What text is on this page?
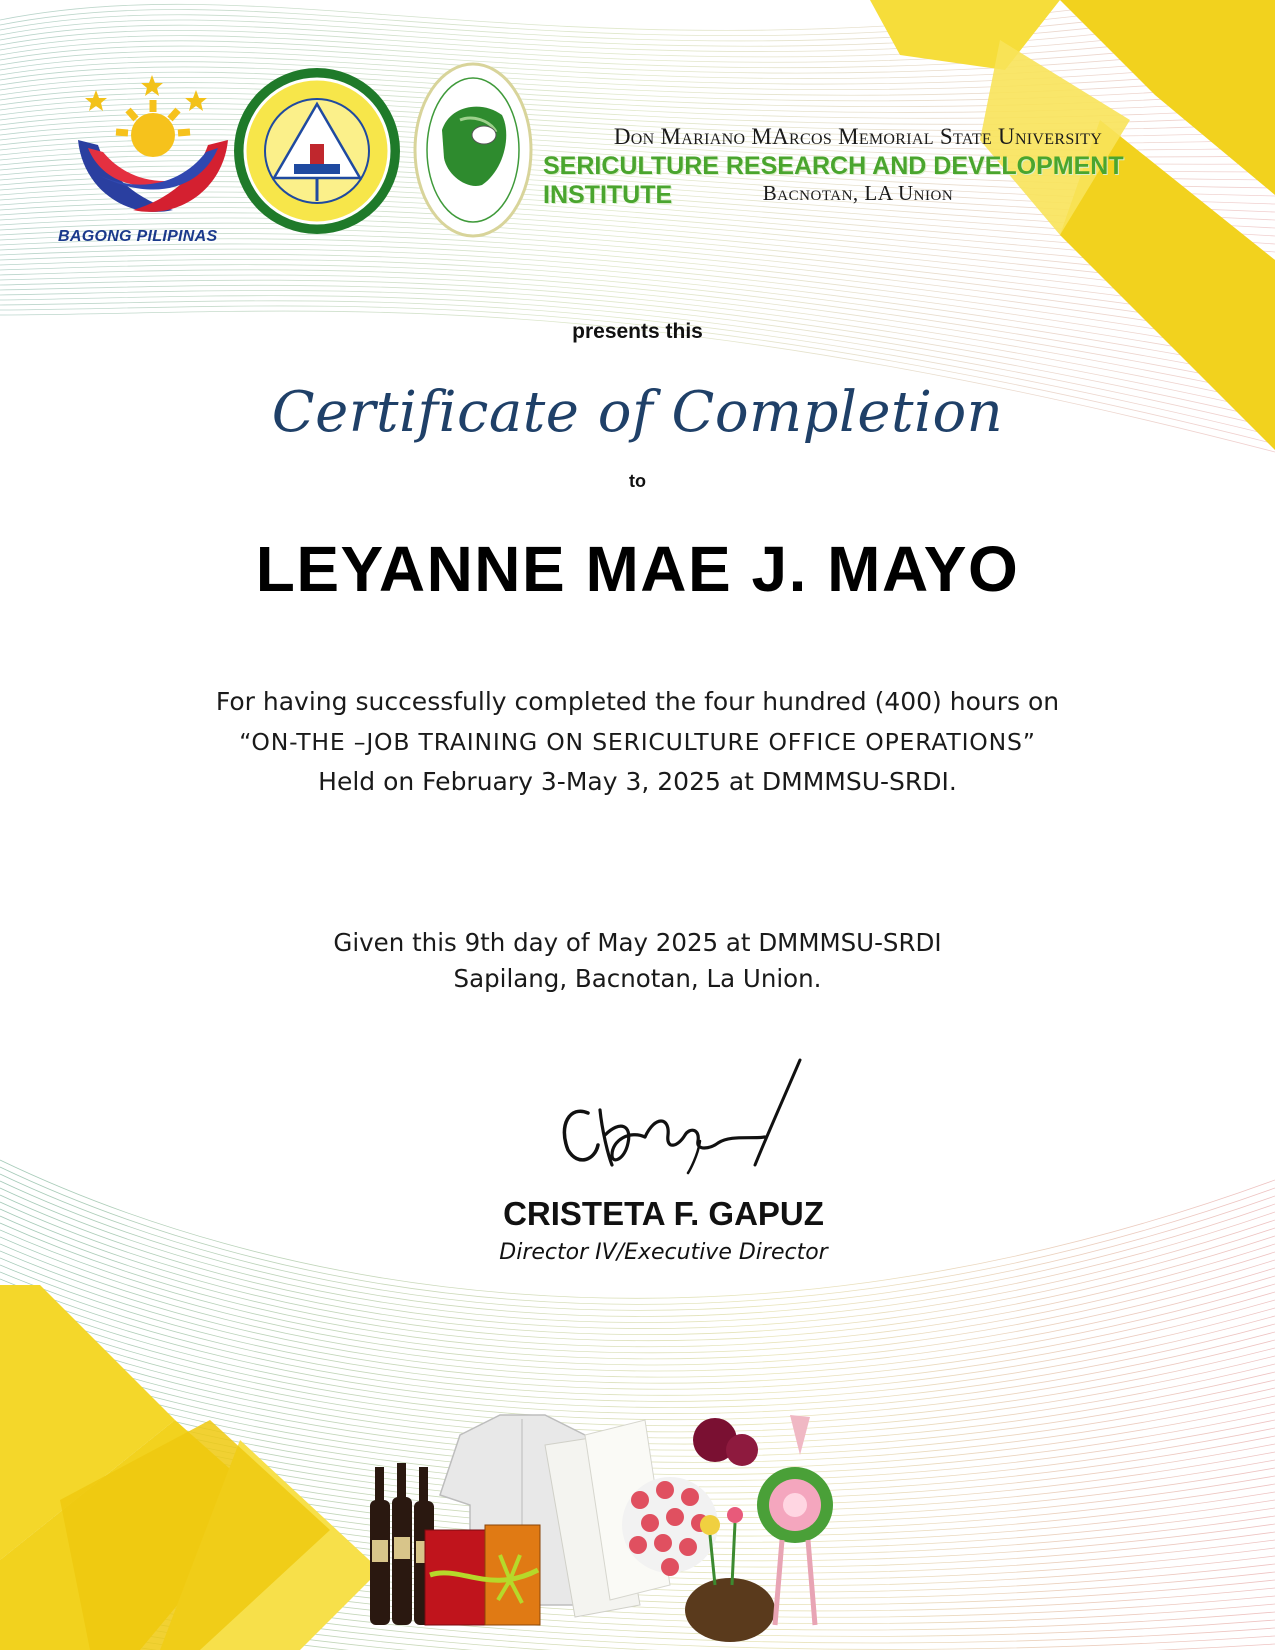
BAGONG PILIPINAS
Don Mariano MArcos Memorial State University
SERICULTURE RESEARCH AND DEVELOPMENT INSTITUTE	Bacnotan, LA Union
presents this
Certificate of Completion
to
LEYANNE MAE J. MAYO
For having successfully completed the four hundred (400) hours on
“ON-THE –JOB TRAINING ON SERICULTURE OFFICE OPERATIONS”
Held on February 3-May 3, 2025 at DMMMSU-SRDI.
Given this 9th day of May 2025 at DMMMSU-SRDI
Sapilang, Bacnotan, La Union.
CRISTETA F. GAPUZ
Director IV/Executive Director
